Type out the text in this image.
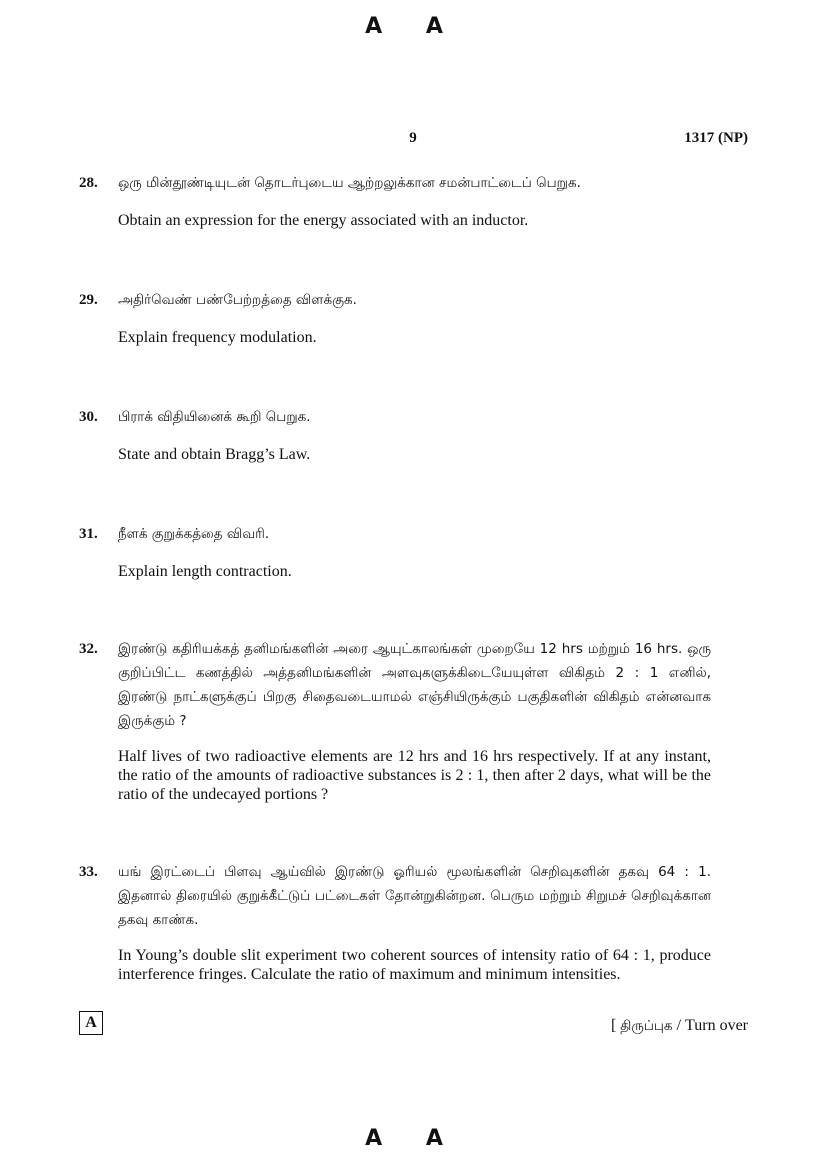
A A
9	1317 (NP)
28. ஒரு மின்தூண்டியுடன் தொடர்புடைய ஆற்றலுக்கான சமன்பாட்டைப் பெறுக.

Obtain an expression for the energy associated with an inductor.

29. அதிர்வெண் பண்பேற்றத்தை விளக்குக.

Explain frequency modulation.

30. பிராக் விதியினைக் கூறி பெறுக.

State and obtain Bragg’s Law.

31. நீளக் குறுக்கத்தை விவரி.

Explain length contraction.

32. இரண்டு கதிரியக்கத் தனிமங்களின் அரை ஆயுட்காலங்கள் முறையே 12 hrs மற்றும் 16 hrs. ஒரு குறிப்பிட்ட கணத்தில் அத்தனிமங்களின் அளவுகளுக்கிடையேயுள்ள விகிதம் 2 : 1 எனில், இரண்டு நாட்களுக்குப் பிறகு சிதைவடையாமல் எஞ்சியிருக்கும் பகுதிகளின் விகிதம் என்னவாக இருக்கும் ?

Half lives of two radioactive elements are 12 hrs and 16 hrs respectively. If at any instant, the ratio of the amounts of radioactive substances is 2 : 1, then after 2 days, what will be the ratio of the undecayed portions ?

33. யங் இரட்டைப் பிளவு ஆய்வில் இரண்டு ஓரியல் மூலங்களின் செறிவுகளின் தகவு 64 : 1. இதனால் திரையில் குறுக்கீட்டுப் பட்டைகள் தோன்றுகின்றன. பெரும மற்றும் சிறுமச் செறிவுக்கான தகவு காண்க.

In Young’s double slit experiment two coherent sources of intensity ratio of 64 : 1, produce interference fringes. Calculate the ratio of maximum and minimum intensities.

A	[ திருப்புக / Turn over
A A
